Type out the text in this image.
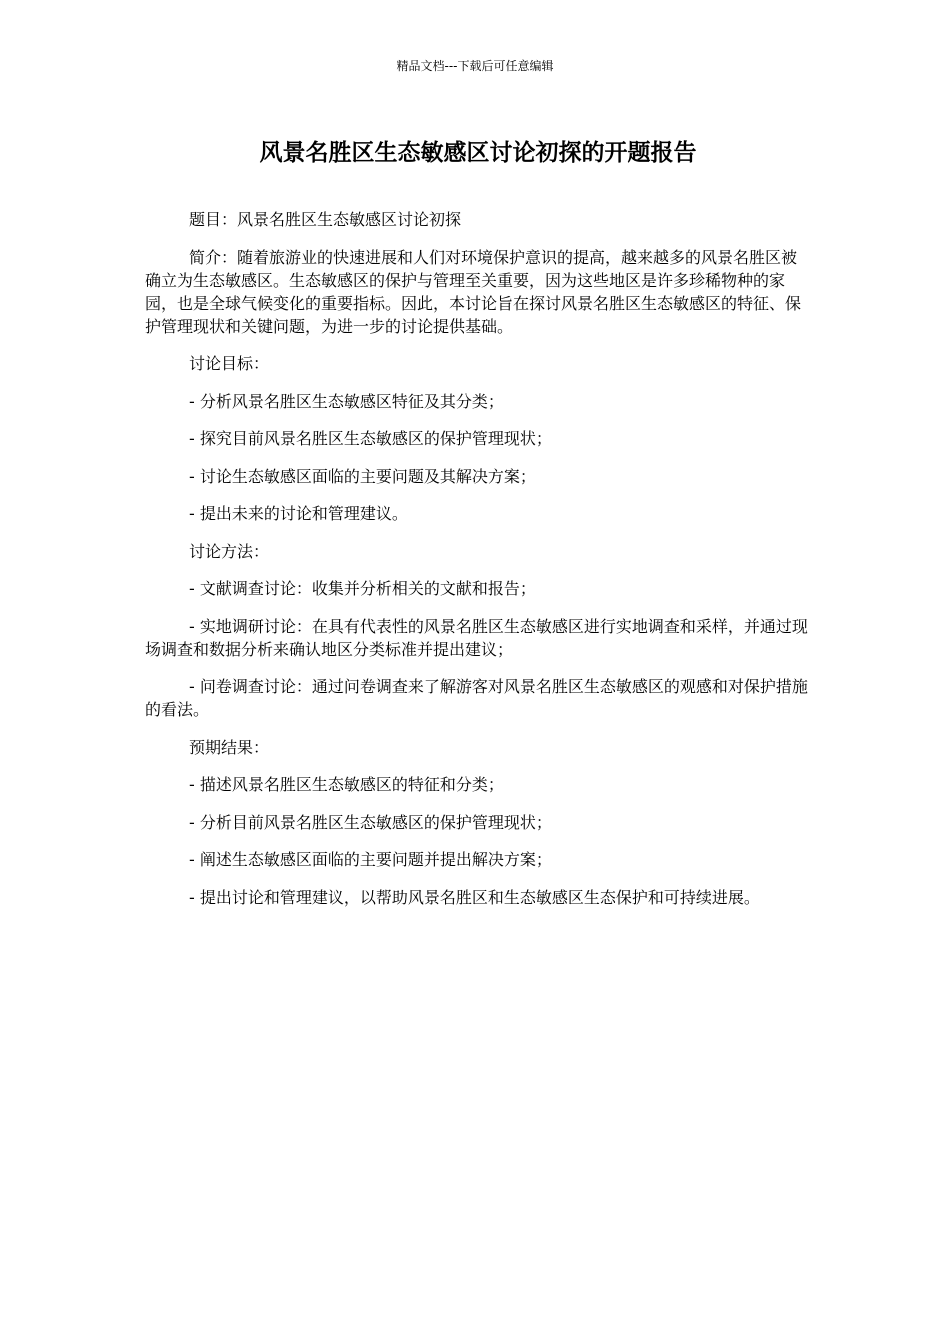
精品文档---下载后可任意编辑
风景名胜区生态敏感区讨论初探的开题报告

题目：风景名胜区生态敏感区讨论初探

简介：随着旅游业的快速进展和人们对环境保护意识的提高，越来越多的风景名胜区被确立为生态敏感区。生态敏感区的保护与管理至关重要，因为这些地区是许多珍稀物种的家园，也是全球气候变化的重要指标。因此，本讨论旨在探讨风景名胜区生态敏感区的特征、保护管理现状和关键问题，为进一步的讨论提供基础。

讨论目标：

- 分析风景名胜区生态敏感区特征及其分类；

- 探究目前风景名胜区生态敏感区的保护管理现状；

- 讨论生态敏感区面临的主要问题及其解决方案；

- 提出未来的讨论和管理建议。

讨论方法：

- 文献调查讨论：收集并分析相关的文献和报告；

- 实地调研讨论：在具有代表性的风景名胜区生态敏感区进行实地调查和采样，并通过现场调查和数据分析来确认地区分类标准并提出建议；

- 问卷调查讨论：通过问卷调查来了解游客对风景名胜区生态敏感区的观感和对保护措施的看法。

预期结果：

- 描述风景名胜区生态敏感区的特征和分类；

- 分析目前风景名胜区生态敏感区的保护管理现状；

- 阐述生态敏感区面临的主要问题并提出解决方案；

- 提出讨论和管理建议，以帮助风景名胜区和生态敏感区生态保护和可持续进展。
